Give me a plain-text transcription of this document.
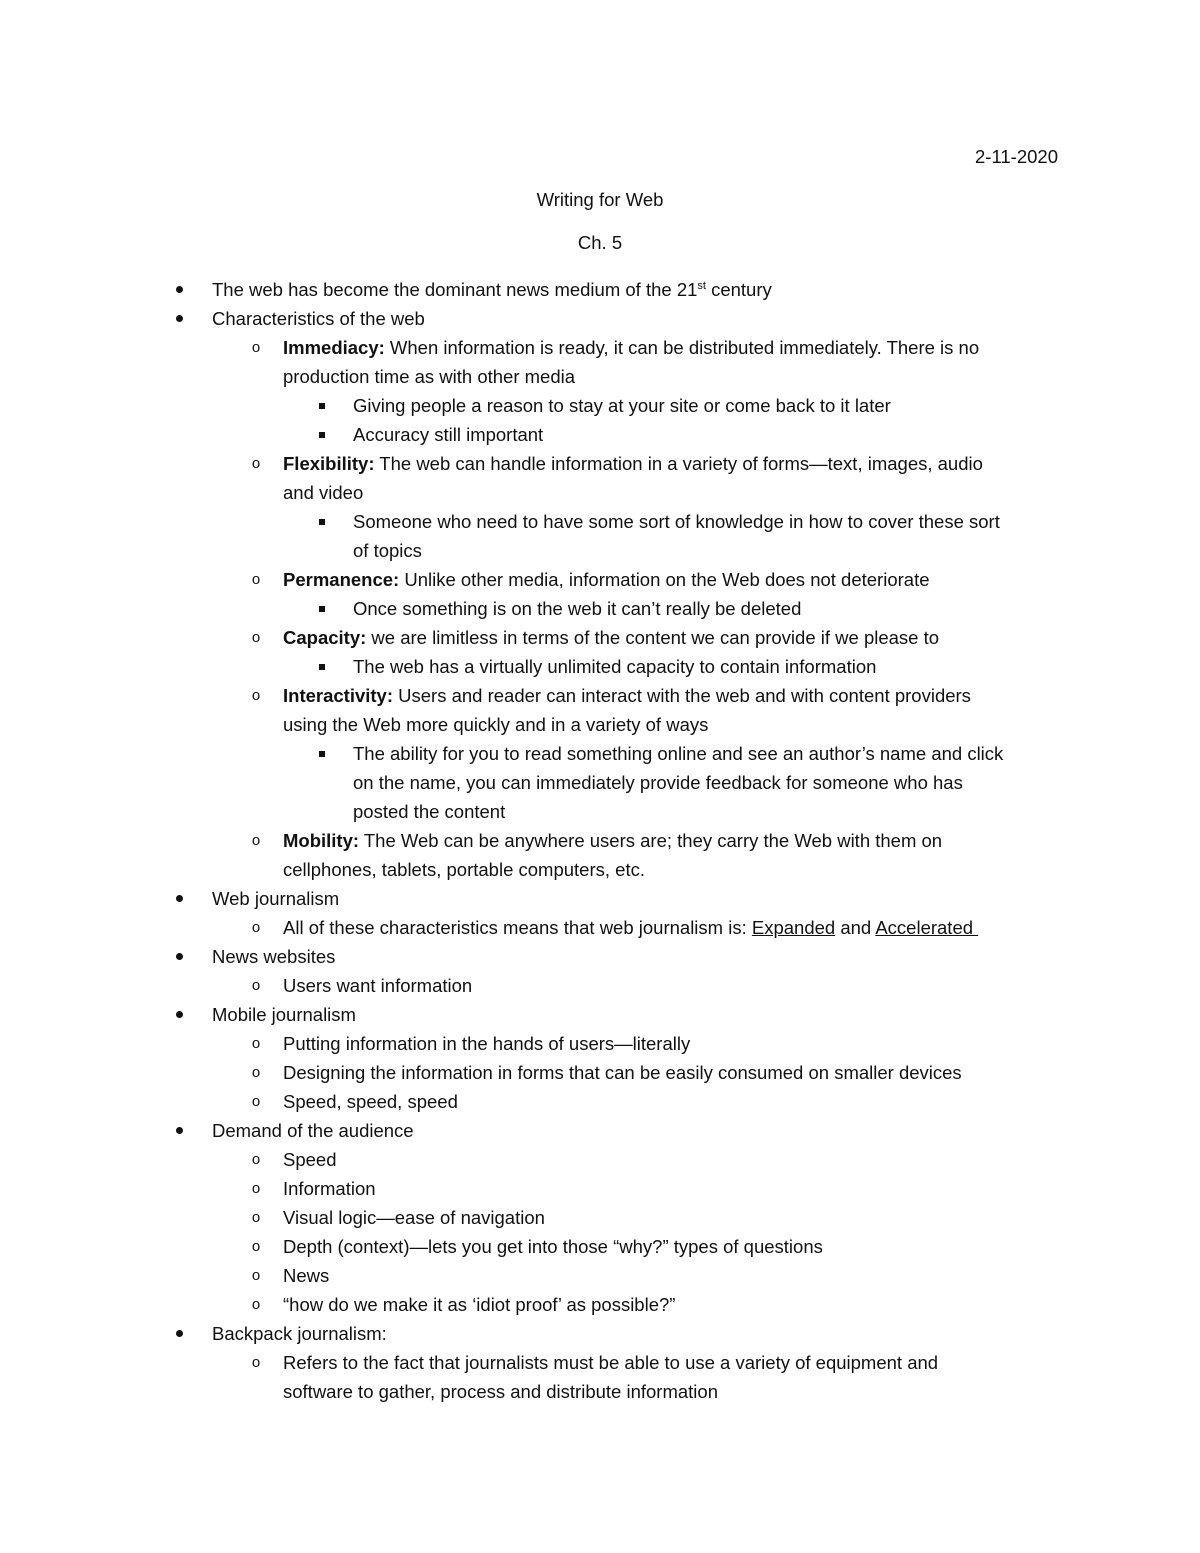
2-11-2020

Writing for Web

Ch. 5

The web has become the dominant news medium of the 21st century
Characteristics of the web
o Immediacy: When information is ready, it can be distributed immediately. There is no
production time as with other media
Giving people a reason to stay at your site or come back to it later
Accuracy still important
o Flexibility: The web can handle information in a variety of forms—text, images, audio
and video
Someone who need to have some sort of knowledge in how to cover these sort
of topics
o Permanence: Unlike other media, information on the Web does not deteriorate
Once something is on the web it can’t really be deleted
o Capacity: we are limitless in terms of the content we can provide if we please to
The web has a virtually unlimited capacity to contain information
o Interactivity: Users and reader can interact with the web and with content providers
using the Web more quickly and in a variety of ways
The ability for you to read something online and see an author’s name and click
on the name, you can immediately provide feedback for someone who has
posted the content
o Mobility: The Web can be anywhere users are; they carry the Web with them on
cellphones, tablets, portable computers, etc.
Web journalism
o All of these characteristics means that web journalism is: Expanded and Accelerated
News websites
o Users want information
Mobile journalism
o Putting information in the hands of users—literally
o Designing the information in forms that can be easily consumed on smaller devices
o Speed, speed, speed
Demand of the audience
o Speed
o Information
o Visual logic—ease of navigation
o Depth (context)—lets you get into those “why?” types of questions
o News
o “how do we make it as ‘idiot proof’ as possible?”
Backpack journalism:
o Refers to the fact that journalists must be able to use a variety of equipment and
software to gather, process and distribute information
